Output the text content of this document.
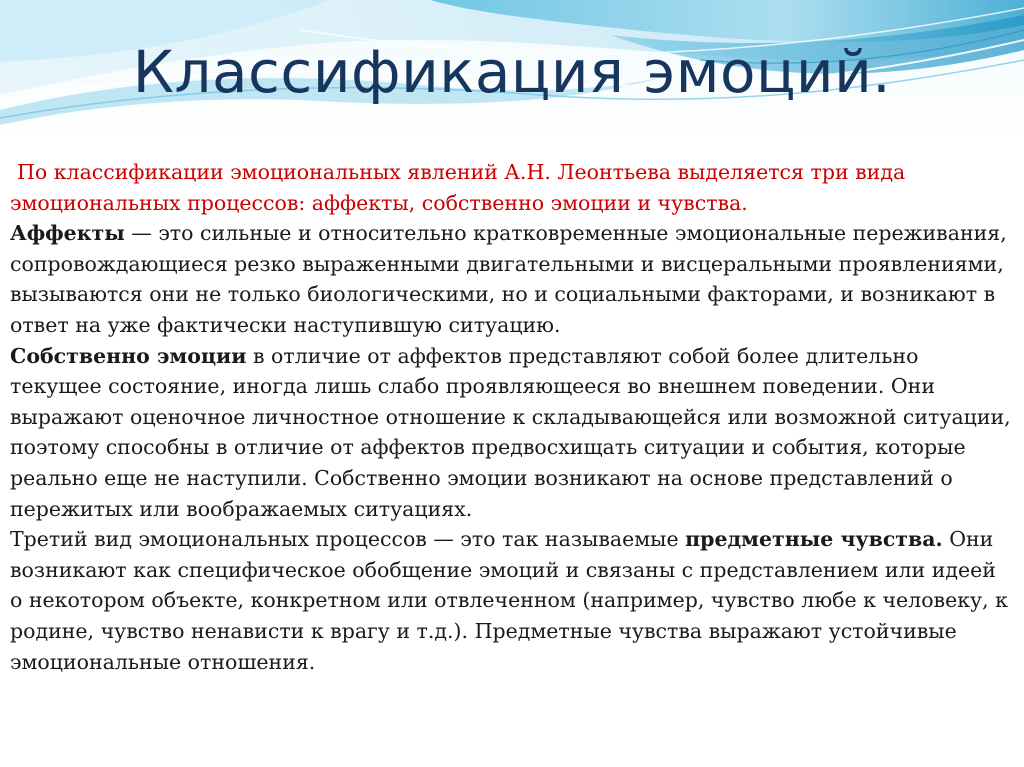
Классификация эмоций.

По классификации эмоциональных явлений А.Н. Леонтьева выделяется три вида эмоциональных процессов: аффекты, собственно эмоции и чувства.

Аффекты — это сильные и относительно кратковременные эмоциональные переживания, сопровождающиеся резко выраженными двигательными и висцеральными проявлениями, вызываются они не только биологическими, но и социальными факторами, и возникают в ответ на уже фактически наступившую ситуацию.

Собственно эмоции в отличие от аффектов представляют собой более длительно текущее состояние, иногда лишь слабо проявляющееся во внешнем поведении. Они выражают оценочное личностное отношение к складывающейся или возможной ситуации, поэтому способны в отличие от аффектов предвосхищать ситуации и события, которые реально еще не наступили. Собственно эмоции возникают на основе представлений о пережитых или воображаемых ситуациях.

Третий вид эмоциональных процессов — это так называемые предметные чувства. Они возникают как специфическое обобщение эмоций и связаны с представлением или идеей о некотором объекте, конкретном или отвлеченном (например, чувство любе к человеку, к родине, чувство ненависти к врагу и т.д.). Предметные чувства выражают устойчивые эмоциональные отношения.
